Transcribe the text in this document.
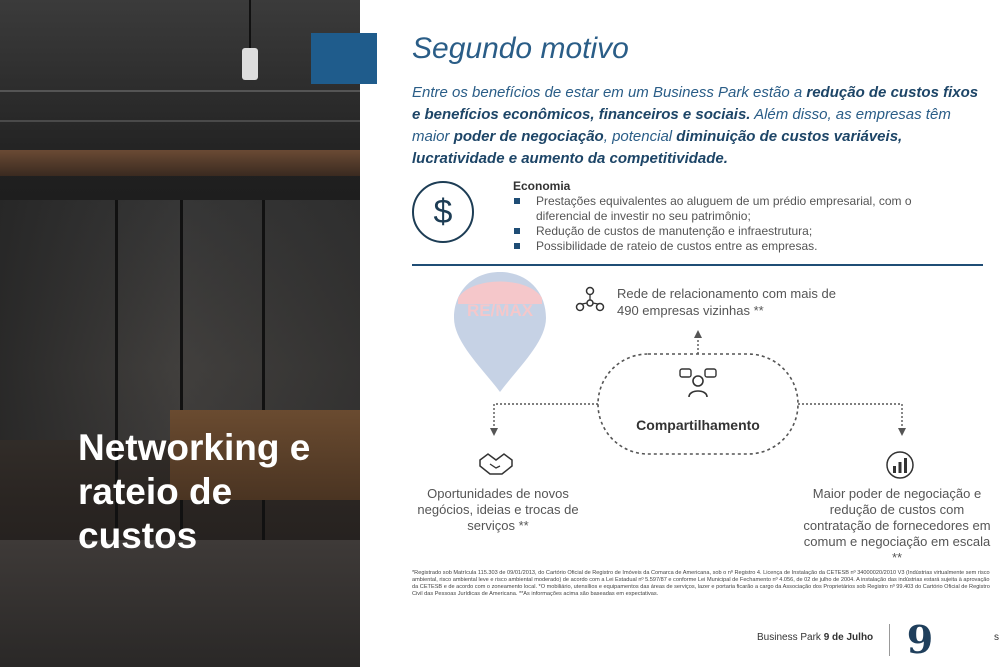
Networking e rateio de custos
Segundo motivo

Entre os benefícios de estar em um Business Park estão a redução de custos fixos e benefícios econômicos, financeiros e sociais. Além disso, as empresas têm maior poder de negociação, potencial diminuição de custos variáveis, lucratividade e aumento da competitividade.

$
Economia
Prestações equivalentes ao aluguem de um prédio empresarial, com o diferencial de investir no seu patrimônio;
Redução de custos de manutenção e infraestrutura;
Possibilidade de rateio de custos entre as empresas.
RE/MAX
Compartilhamento
Rede de relacionamento com mais de 490 empresas vizinhas **
Oportunidades de novos negócios, ideias e trocas de serviços **
Maior poder de negociação e redução de custos com contratação de fornecedores em comum e negociação em escala **

*Registrado sob Matrícula 115.303 de 09/01/2013, do Cartório Oficial de Registro de Imóveis da Comarca de Americana, sob o nº Registro 4. Licença de Instalação da CETESB nº 34000020/2010 V3 (Indústrias virtualmente sem risco ambiental, risco ambiental leve e risco ambiental moderado) de acordo com a Lei Estadual nº 5.597/87 e conforme Lei Municipal de Fechamento nº 4.056, de 02 de julho de 2004. A instalação das indústrias estará sujeita à aprovação da CETESB e de acordo com o zoneamento local. *O mobiliário, utensílios e equipamentos das áreas de serviços, lazer e portaria ficarão a cargo da Associação dos Proprietários sob Registro nº 99.403 do Cartório Oficial de Registro Civil das Pessoas Jurídicas de Americana. **As informações acima são baseadas em expectativas.

Business Park 9 de Julho 9	s
